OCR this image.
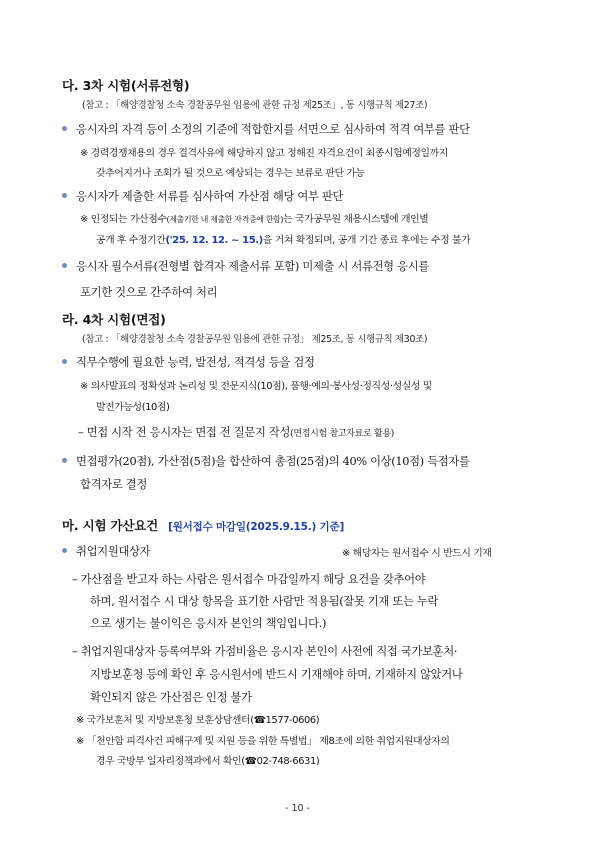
다. 3차 시험(서류전형)
(참고 : 「해양경찰청 소속 경찰공무원 임용에 관한 규정 제25조」, 동 시행규칙 제27조)
응시자의 자격 등이 소정의 기준에 적합한지를 서면으로 심사하여 적격 여부를 판단
※ 경력경쟁채용의 경우 결격사유에 해당하지 않고 정해진 자격요건이 최종시험예정일까지
갖추어지거나 조회가 될 것으로 예상되는 경우는 보류로 판단 가능
응시자가 제출한 서류를 심사하여 가산점 해당 여부 판단
※ 인정되는 가산점수(제출기한 내 제출한 자격증에 한함)는 국가공무원 채용시스템에 개인별
공개 후 수정기간('25. 12. 12. ~ 15.)을 거쳐 확정되며, 공개 기간 종료 후에는 수정 불가
응시자 필수서류(전형별 합격자 제출서류 포함) 미제출 시 서류전형 응시를
포기한 것으로 간주하여 처리
라. 4차 시험(면접)
(참고 : 「해양경찰청 소속 경찰공무원 임용에 관한 규정」 제25조, 동 시행규칙 제30조)
직무수행에 필요한 능력, 발전성, 적격성 등을 검정
※ 의사발표의 정확성과 논리성 및 전문지식(10점), 품행·예의·봉사성·정직성·성실성 및
발전가능성(10점)
– 면접 시작 전 응시자는 면접 전 질문지 작성(면접시험 참고자료로 활용)
면접평가(20점), 가산점(5점)을 합산하여 총점(25점)의 40% 이상(10점) 득점자를
합격자로 결정
마. 시험 가산요건 [원서접수 마감일(2025.9.15.) 기준]
취업지원대상자	※ 해당자는 원서접수 시 반드시 기재
– 가산점을 받고자 하는 사람은 원서접수 마감일까지 해당 요건을 갖추어야
하며, 원서접수 시 대상 항목을 표기한 사람만 적용됨(잘못 기재 또는 누락
으로 생기는 불이익은 응시자 본인의 책임입니다.)
– 취업지원대상자 등록여부와 가점비율은 응시자 본인이 사전에 직접 국가보훈처·
지방보훈청 등에 확인 후 응시원서에 반드시 기재해야 하며, 기재하지 않았거나
확인되지 않은 가산점은 인정 불가
※ 국가보훈처 및 지방보훈청 보훈상담센터(☎1577-0606)
※ 「천안함 피격사건 피해구제 및 지원 등을 위한 특별법」 제8조에 의한 취업지원대상자의
경우 국방부 일자리정책과에서 확인(☎02-748-6631)
- 10 -
